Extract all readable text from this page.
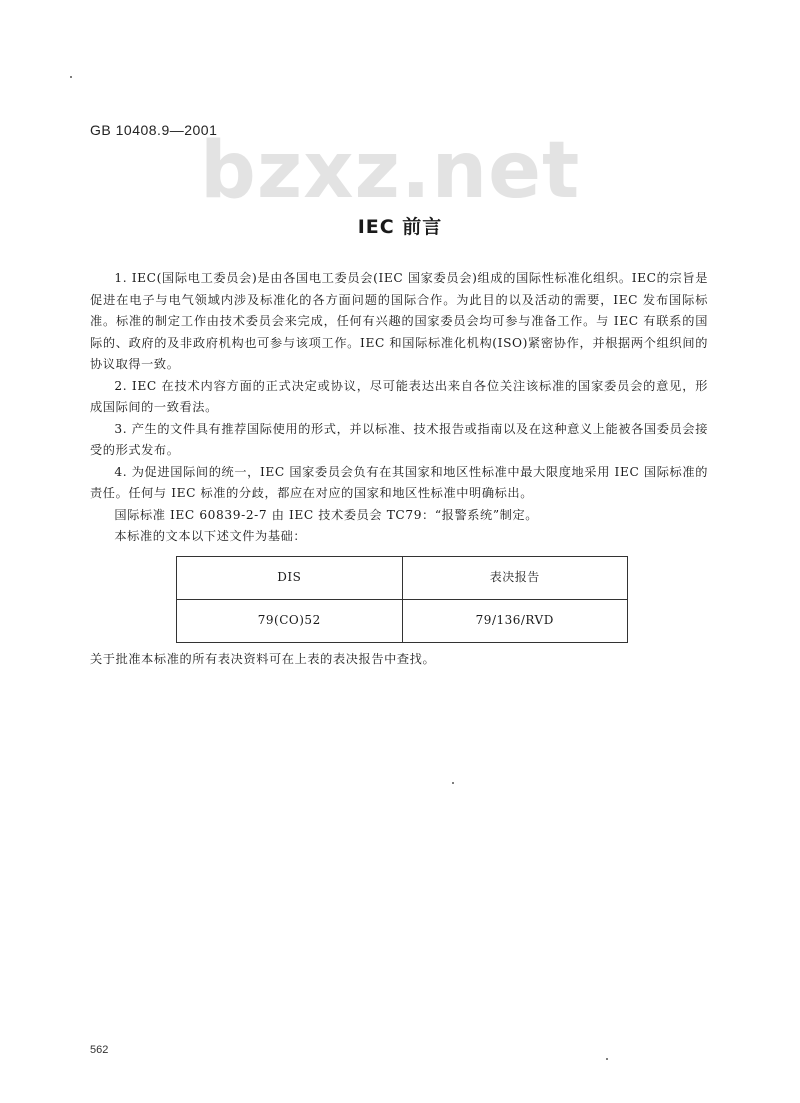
GB 10408.9—2001
bzxz.net
IEC 前言

1. IEC(国际电工委员会)是由各国电工委员会(IEC 国家委员会)组成的国际性标准化组织。IEC的宗旨是促进在电子与电气领域内涉及标准化的各方面问题的国际合作。为此目的以及活动的需要，IEC 发布国际标准。标准的制定工作由技术委员会来完成，任何有兴趣的国家委员会均可参与准备工作。与 IEC 有联系的国际的、政府的及非政府机构也可参与该项工作。IEC 和国际标准化机构(ISO)紧密协作，并根据两个组织间的协议取得一致。

2. IEC 在技术内容方面的正式决定或协议，尽可能表达出来自各位关注该标准的国家委员会的意见，形成国际间的一致看法。

3. 产生的文件具有推荐国际使用的形式，并以标准、技术报告或指南以及在这种意义上能被各国委员会接受的形式发布。

4. 为促进国际间的统一，IEC 国家委员会负有在其国家和地区性标准中最大限度地采用 IEC 国际标准的责任。任何与 IEC 标准的分歧，都应在对应的国家和地区性标准中明确标出。

国际标准 IEC 60839-2-7 由 IEC 技术委员会 TC79：“报警系统”制定。

本标准的文本以下述文件为基础：

DIS	表决报告
79(CO)52	79/136/RVD

关于批准本标准的所有表决资料可在上表的表决报告中查找。

562
